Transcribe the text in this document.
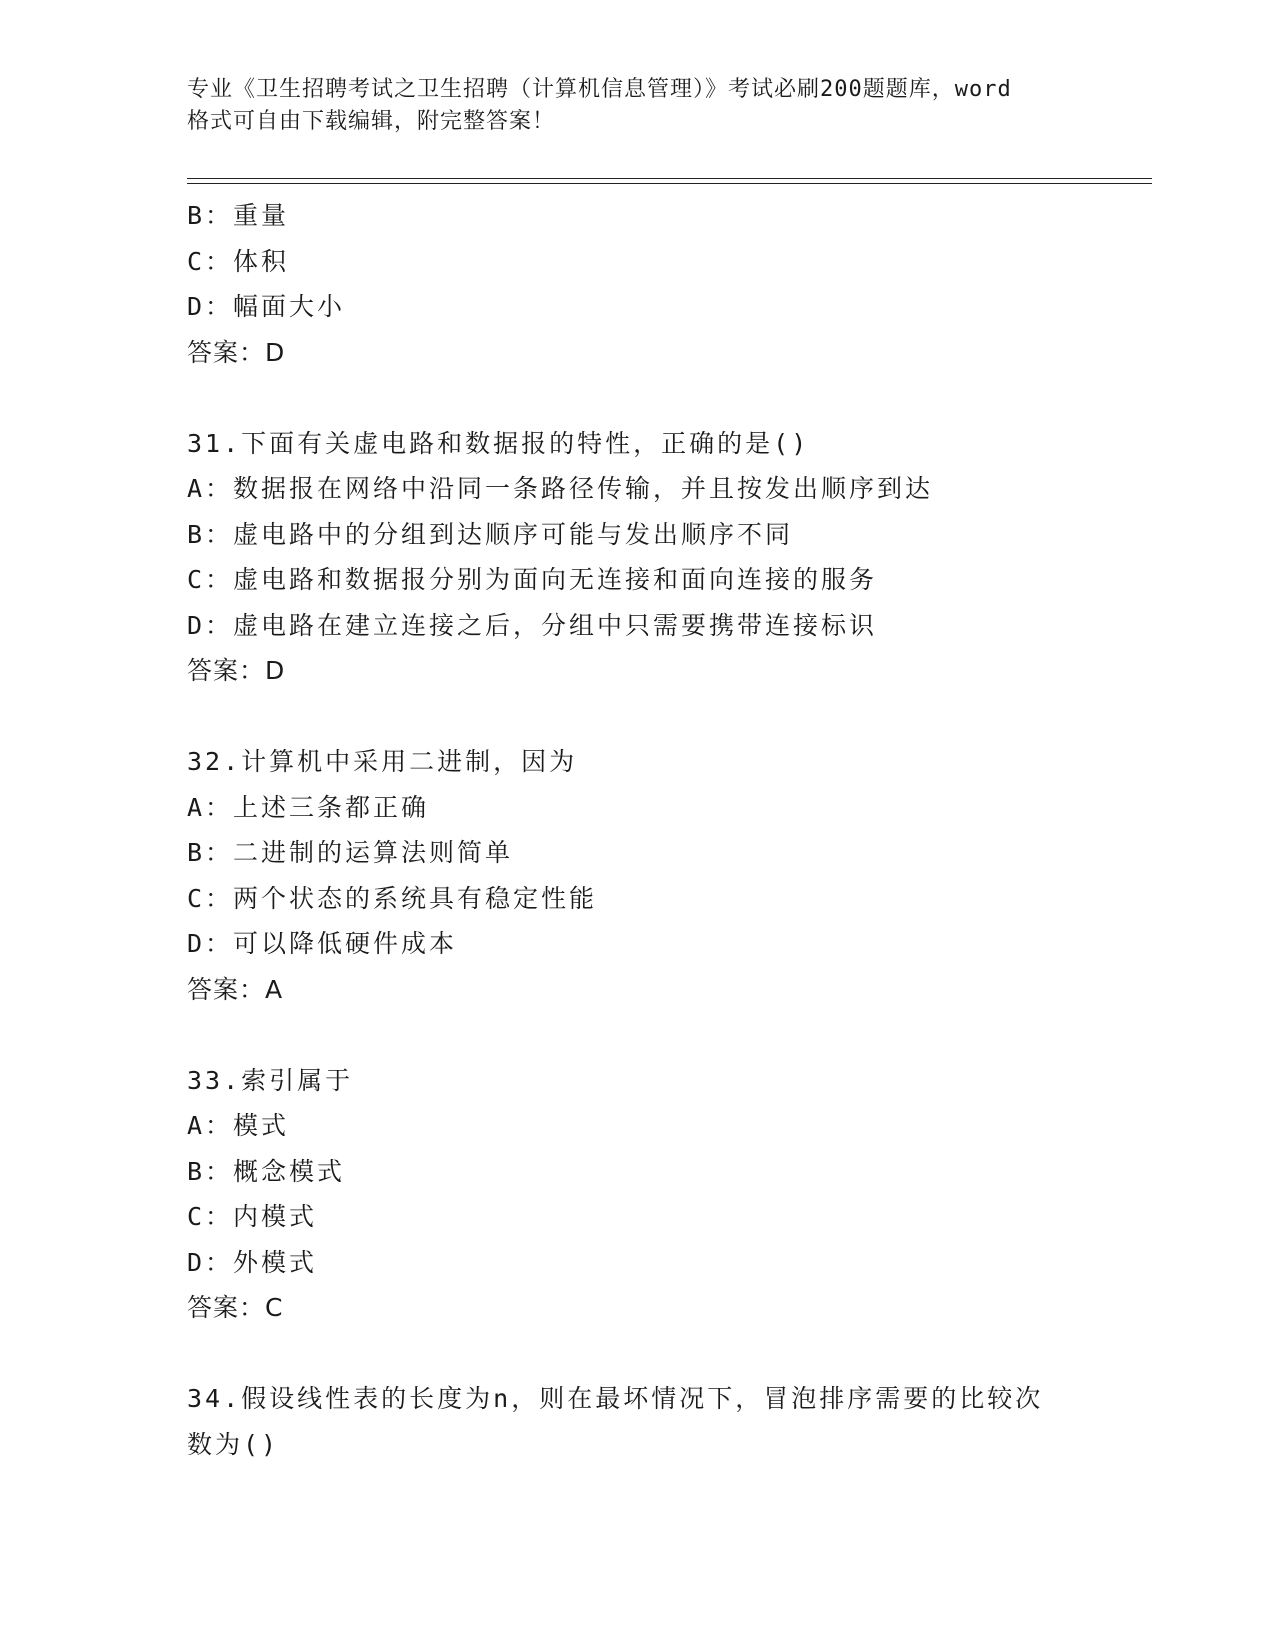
专业《卫生招聘考试之卫生招聘（计算机信息管理）》考试必刷200题题库，word
格式可自由下载编辑，附完整答案！
B：重量
C：体积
D：幅面大小
答案：D
31.下面有关虚电路和数据报的特性，正确的是()
A：数据报在网络中沿同一条路径传输，并且按发出顺序到达
B：虚电路中的分组到达顺序可能与发出顺序不同
C：虚电路和数据报分别为面向无连接和面向连接的服务
D：虚电路在建立连接之后，分组中只需要携带连接标识
答案：D
32.计算机中采用二进制，因为
A：上述三条都正确
B：二进制的运算法则简单
C：两个状态的系统具有稳定性能
D：可以降低硬件成本
答案：A
33.索引属于
A：模式
B：概念模式
C：内模式
D：外模式
答案：C
34.假设线性表的长度为n，则在最坏情况下，冒泡排序需要的比较次
数为()
